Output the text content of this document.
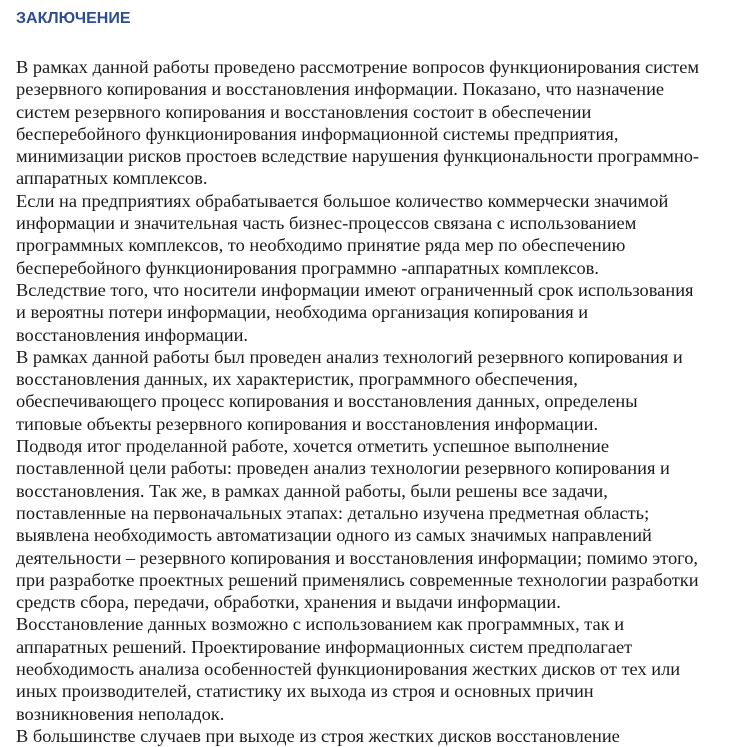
ЗАКЛЮЧЕНИЕ
В рамках данной работы проведено рассмотрение вопросов функционирования систем
резервного копирования и восстановления информации. Показано, что назначение
систем резервного копирования и восстановления состоит в обеспечении
бесперебойного функционирования информационной системы предприятия,
минимизации рисков простоев вследствие нарушения функциональности программно-
аппаратных комплексов.
Если на предприятиях обрабатывается большое количество коммерчески значимой
информации и значительная часть бизнес-процессов связана с использованием
программных комплексов, то необходимо принятие ряда мер по обеспечению
бесперебойного функционирования программно -аппаратных комплексов.
Вследствие того, что носители информации имеют ограниченный срок использования
и вероятны потери информации, необходима организация копирования и
восстановления информации.
В рамках данной работы был проведен анализ технологий резервного копирования и
восстановления данных, их характеристик, программного обеспечения,
обеспечивающего процесс копирования и восстановления данных, определены
типовые объекты резервного копирования и восстановления информации.
Подводя итог проделанной работе, хочется отметить успешное выполнение
поставленной цели работы: проведен анализ технологии резервного копирования и
восстановления. Так же, в рамках данной работы, были решены все задачи,
поставленные на первоначальных этапах: детально изучена предметная область;
выявлена необходимость автоматизации одного из самых значимых направлений
деятельности – резервного копирования и восстановления информации; помимо этого,
при разработке проектных решений применялись современные технологии разработки
средств сбора, передачи, обработки, хранения и выдачи информации.
Восстановление данных возможно с использованием как программных, так и
аппаратных решений. Проектирование информационных систем предполагает
необходимость анализа особенностей функционирования жестких дисков от тех или
иных производителей, статистику их выхода из строя и основных причин
возникновения неполадок.
В большинстве случаев при выходе из строя жестких дисков восстановление
